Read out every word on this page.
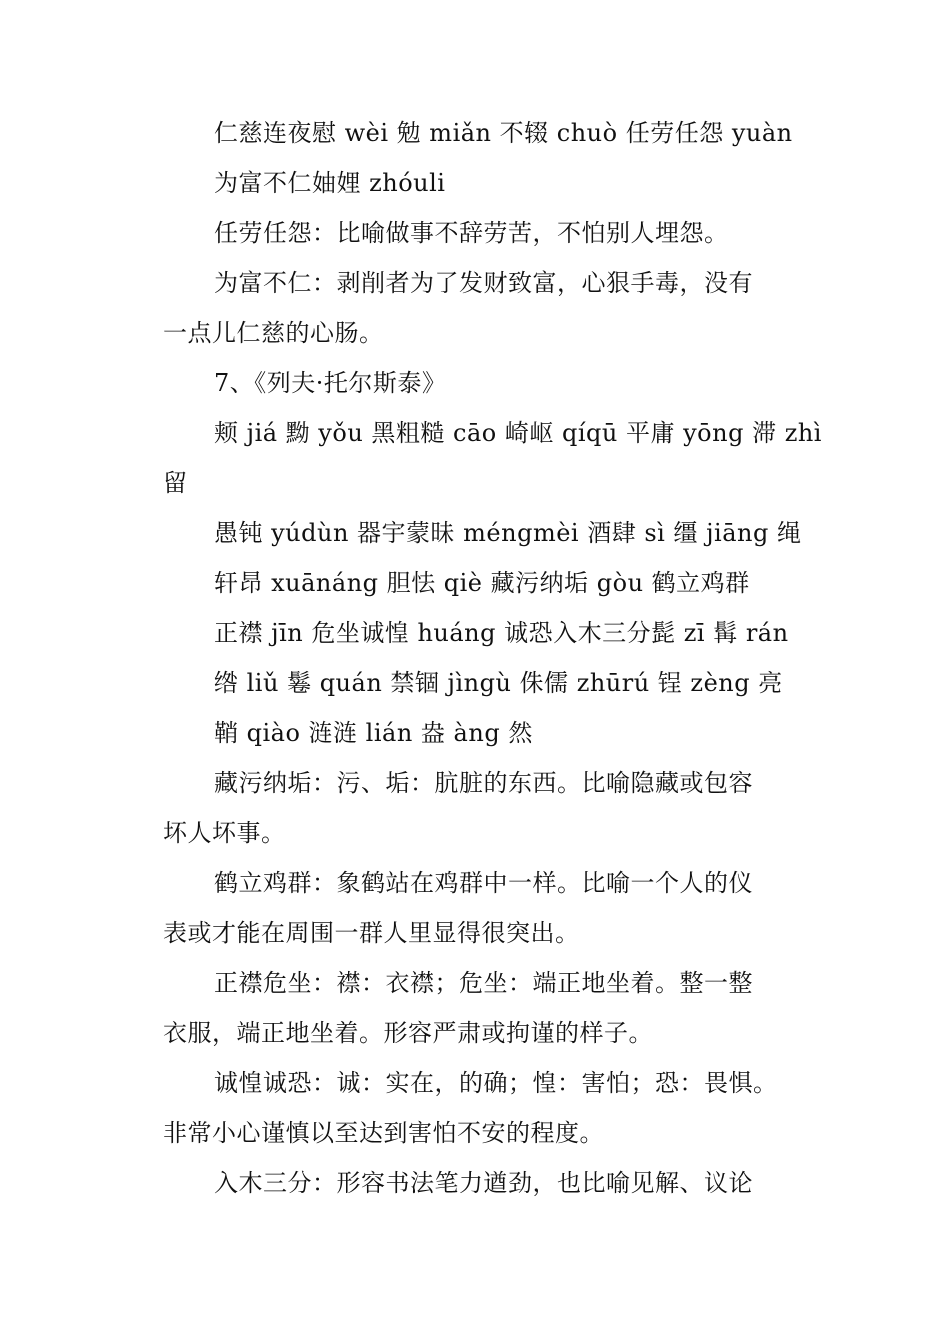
仁慈连夜慰 wèi 勉 miǎn 不辍 chuò 任劳任怨 yuàn
为富不仁妯娌 zhóuli
任劳任怨：比喻做事不辞劳苦，不怕别人埋怨。
为富不仁：剥削者为了发财致富，心狠手毒，没有
一点儿仁慈的心肠。
7、《列夫·托尔斯泰》
颊 jiá 黝 yǒu 黑粗糙 cāo 崎岖 qíqū 平庸 yōng 滞 zhì
留
愚钝 yúdùn 器宇蒙昧 méngmèi 酒肆 sì 缰 jiāng 绳
轩昂 xuānáng 胆怯 qiè 藏污纳垢 gòu 鹤立鸡群
正襟 jīn 危坐诚惶 huáng 诚恐入木三分髭 zī 髯 rán
绺 liǔ 鬈 quán 禁锢 jìngù 侏儒 zhūrú 锃 zèng 亮
鞘 qiào 涟涟 lián 盎 àng 然
藏污纳垢：污、垢：肮脏的东西。比喻隐藏或包容
坏人坏事。
鹤立鸡群：象鹤站在鸡群中一样。比喻一个人的仪
表或才能在周围一群人里显得很突出。
正襟危坐：襟：衣襟；危坐：端正地坐着。整一整
衣服，端正地坐着。形容严肃或拘谨的样子。
诚惶诚恐：诚：实在，的确；惶：害怕；恐：畏惧。
非常小心谨慎以至达到害怕不安的程度。
入木三分：形容书法笔力遒劲，也比喻见解、议论
